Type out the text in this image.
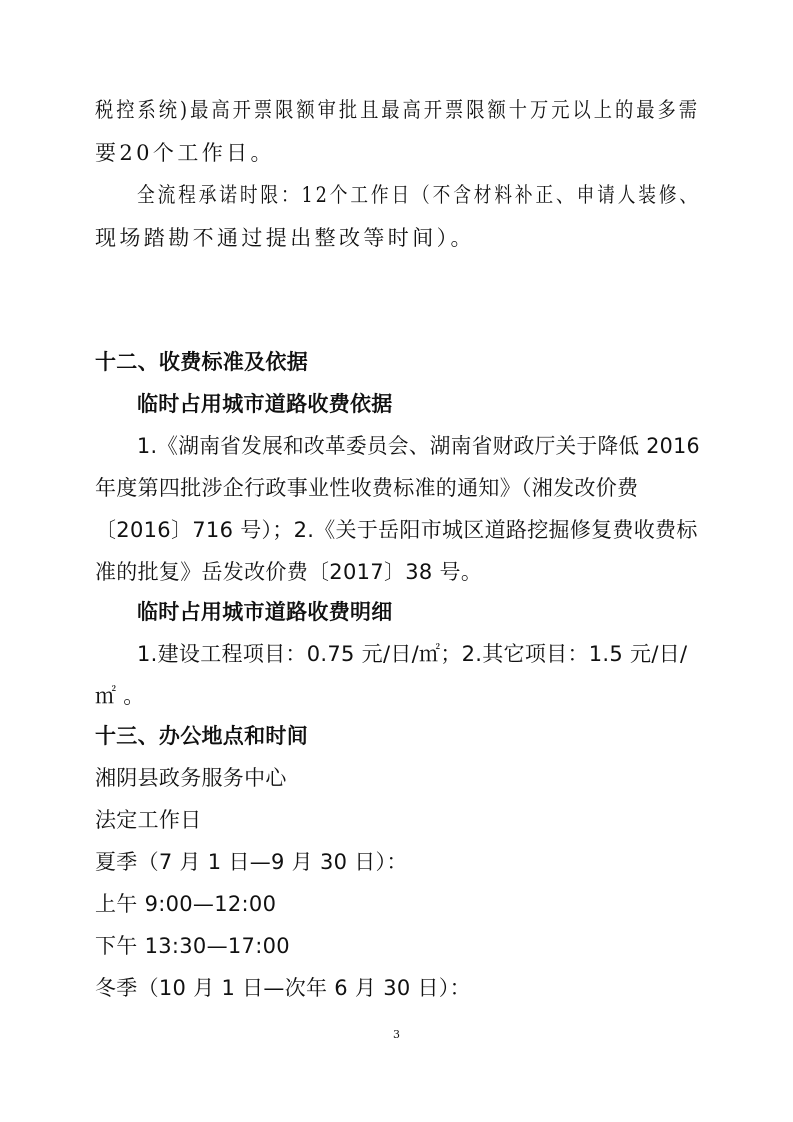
税控系统)最高开票限额审批且最高开票限额十万元以上的最多需
要20个工作日。
全流程承诺时限：12个工作日（不含材料补正、申请人装修、
现场踏勘不通过提出整改等时间）。
十二、收费标准及依据
临时占用城市道路收费依据
1.《湖南省发展和改革委员会、湖南省财政厅关于降低 2016
年度第四批涉企行政事业性收费标准的通知》（湘发改价费
〔2016〕716 号）；2.《关于岳阳市城区道路挖掘修复费收费标
准的批复》岳发改价费〔2017〕38 号。
临时占用城市道路收费明细
1.建设工程项目：0.75 元/日/㎡；2.其它项目：1.5 元/日/
㎡ 。
十三、办公地点和时间
湘阴县政务服务中心
法定工作日
夏季（7 月 1 日—9 月 30 日）：
上午 9:00—12:00
下午 13:30—17:00
冬季（10 月 1 日—次年 6 月 30 日）：
3
